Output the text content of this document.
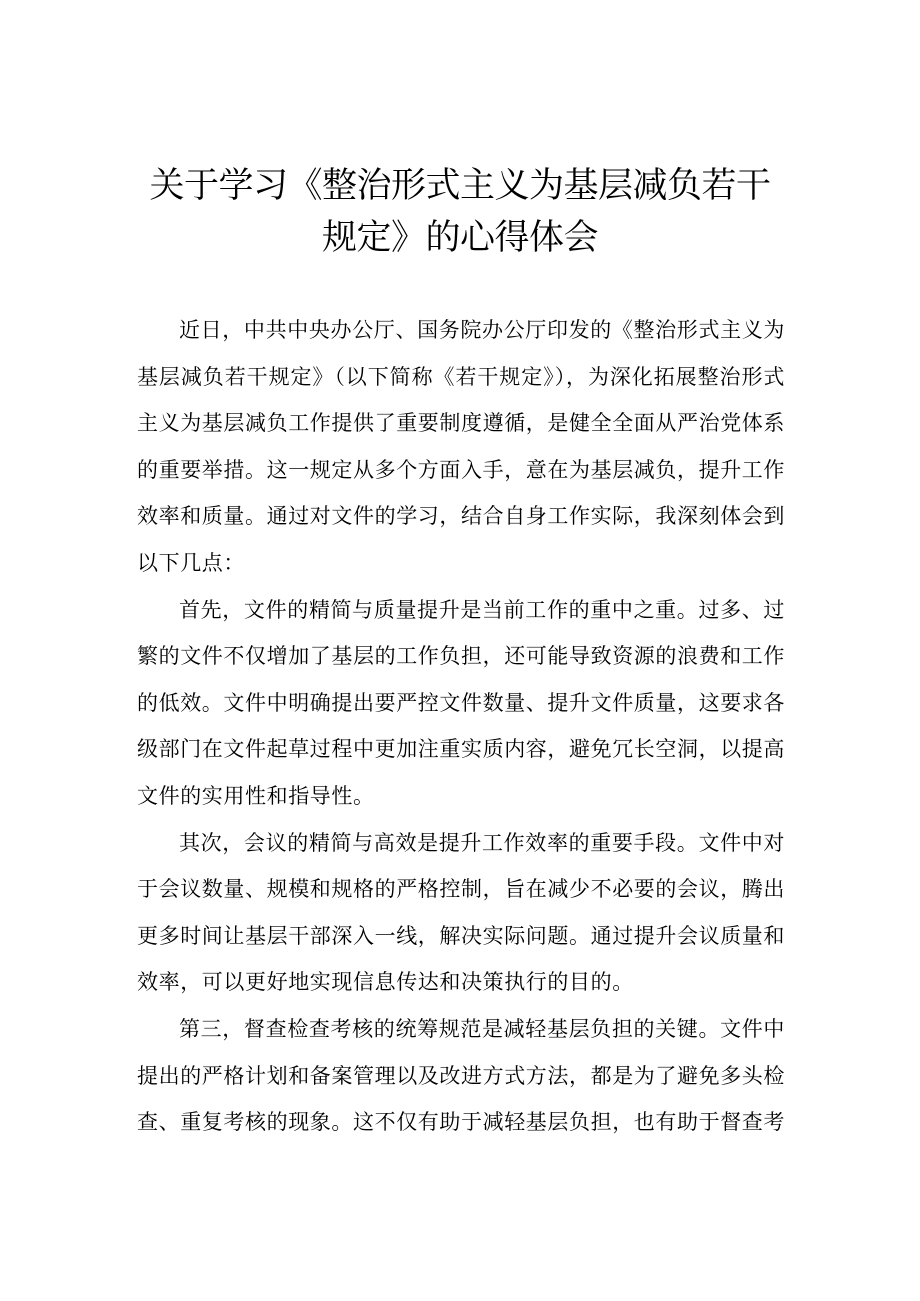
关于学习《整治形式主义为基层减负若干
规定》的心得体会

近日，中共中央办公厅、国务院办公厅印发的《整治形式主义为基层减负若干规定》（以下简称《若干规定》），为深化拓展整治形式主义为基层减负工作提供了重要制度遵循，是健全全面从严治党体系的重要举措。这一规定从多个方面入手，意在为基层减负，提升工作效率和质量。通过对文件的学习，结合自身工作实际，我深刻体会到以下几点：

首先，文件的精简与质量提升是当前工作的重中之重。过多、过繁的文件不仅增加了基层的工作负担，还可能导致资源的浪费和工作的低效。文件中明确提出要严控文件数量、提升文件质量，这要求各级部门在文件起草过程中更加注重实质内容，避免冗长空洞，以提高文件的实用性和指导性。

其次，会议的精简与高效是提升工作效率的重要手段。文件中对于会议数量、规模和规格的严格控制，旨在减少不必要的会议，腾出更多时间让基层干部深入一线，解决实际问题。通过提升会议质量和效率，可以更好地实现信息传达和决策执行的目的。

第三，督查检查考核的统筹规范是减轻基层负担的关键。文件中提出的严格计划和备案管理以及改进方式方法，都是为了避免多头检查、重复考核的现象。这不仅有助于减轻基层负担，也有助于督查考
